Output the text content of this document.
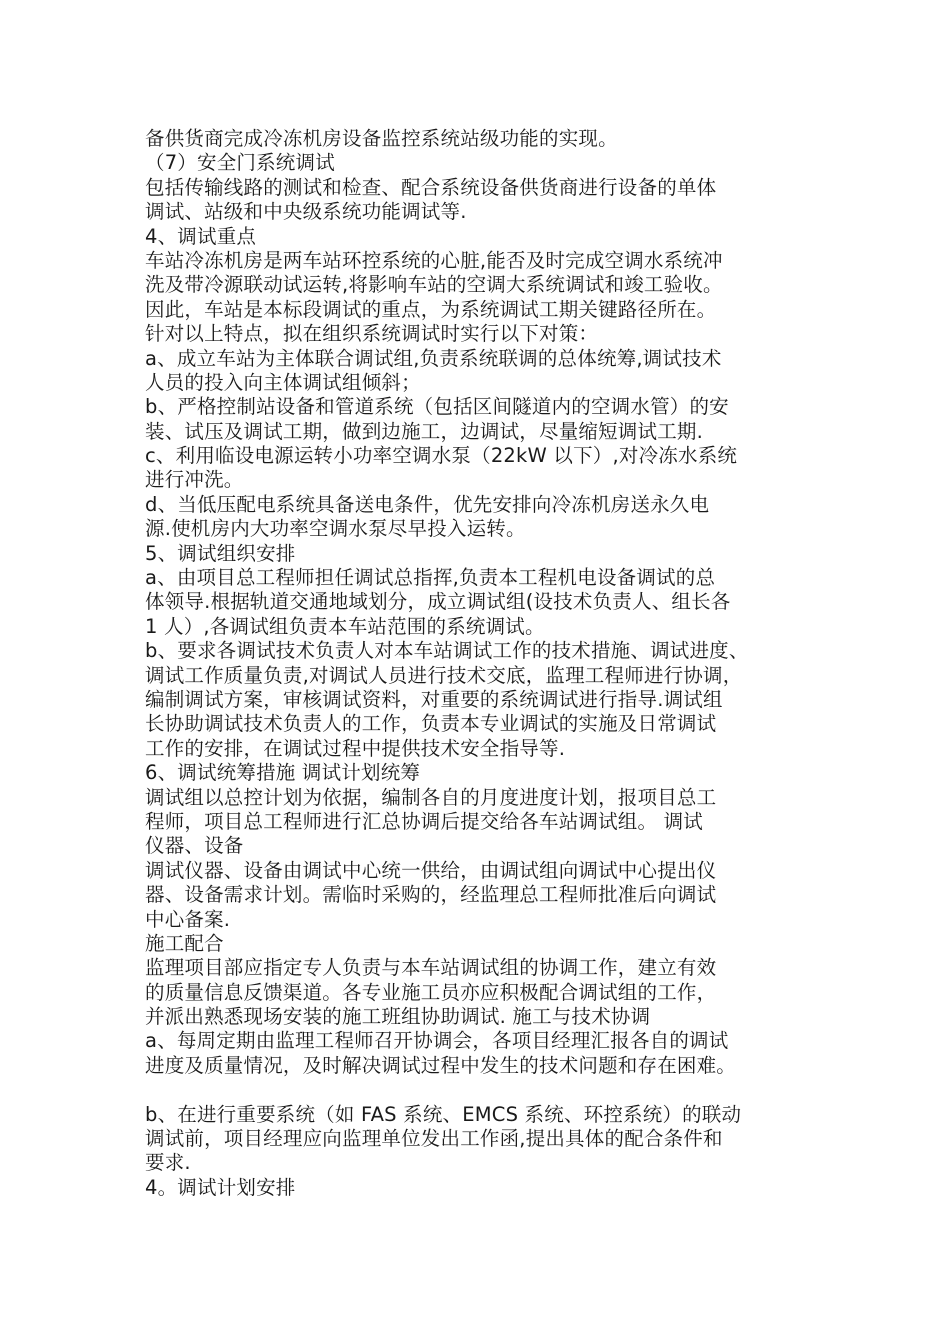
备供货商完成冷冻机房设备监控系统站级功能的实现。
（7）安全门系统调试
包括传输线路的测试和检查、配合系统设备供货商进行设备的单体
调试、站级和中央级系统功能调试等.
4、调试重点
车站冷冻机房是两车站环控系统的心脏,能否及时完成空调水系统冲
洗及带冷源联动试运转,将影响车站的空调大系统调试和竣工验收。
因此，车站是本标段调试的重点，为系统调试工期关键路径所在。
针对以上特点，拟在组织系统调试时实行以下对策：
a、成立车站为主体联合调试组,负责系统联调的总体统筹,调试技术
人员的投入向主体调试组倾斜；
b、严格控制站设备和管道系统（包括区间隧道内的空调水管）的安
装、试压及调试工期，做到边施工，边调试，尽量缩短调试工期.
c、利用临设电源运转小功率空调水泵（22kW 以下）,对冷冻水系统
进行冲洗。
d、当低压配电系统具备送电条件，优先安排向冷冻机房送永久电
源.使机房内大功率空调水泵尽早投入运转。
5、调试组织安排
a、由项目总工程师担任调试总指挥,负责本工程机电设备调试的总
体领导.根据轨道交通地域划分，成立调试组(设技术负责人、组长各
1 人）,各调试组负责本车站范围的系统调试。
b、要求各调试技术负责人对本车站调试工作的技术措施、调试进度、
调试工作质量负责,对调试人员进行技术交底，监理工程师进行协调，
编制调试方案，审核调试资料，对重要的系统调试进行指导.调试组
长协助调试技术负责人的工作，负责本专业调试的实施及日常调试
工作的安排，在调试过程中提供技术安全指导等.
6、调试统筹措施 调试计划统筹
调试组以总控计划为依据，编制各自的月度进度计划，报项目总工
程师，项目总工程师进行汇总协调后提交给各车站调试组。 调试
仪器、设备
调试仪器、设备由调试中心统一供给，由调试组向调试中心提出仪
器、设备需求计划。需临时采购的，经监理总工程师批准后向调试
中心备案.
施工配合
监理项目部应指定专人负责与本车站调试组的协调工作，建立有效
的质量信息反馈渠道。各专业施工员亦应积极配合调试组的工作，
并派出熟悉现场安装的施工班组协助调试. 施工与技术协调
a、每周定期由监理工程师召开协调会，各项目经理汇报各自的调试
进度及质量情况，及时解决调试过程中发生的技术问题和存在困难。
b、在进行重要系统（如 FAS 系统、EMCS 系统、环控系统）的联动
调试前，项目经理应向监理单位发出工作函,提出具体的配合条件和
要求.
4。调试计划安排
